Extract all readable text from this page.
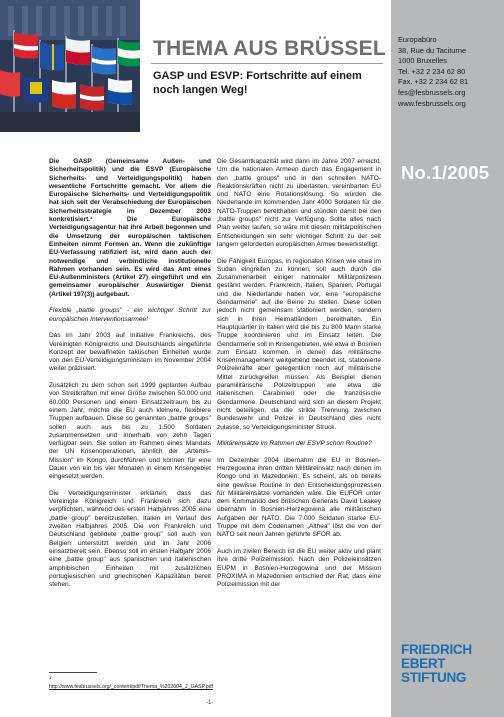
THEMA AUS BRÜSSEL
GASP und ESVP: Fortschritte auf einem noch langen Weg!
Europabüro
38, Rue du Taciturne
1000 Bruxelles
Tel. +32 2 234 62 80
Fax. +32 2 234 62 81
fes@fesbrussels.org
www.fesbrussels.org
No.1/2005
FRIEDRICH
EBERT
STIFTUNG

Die GASP (Gemeinsame Außen- und Sicherheitspolitik) und die ESVP (Europäische Sicherheits- und Verteidigungspolitik) haben wesentliche Fortschritte gemacht. Vor allem die Europäische Sicherheits- und Verteidigungspolitik hat sich seit der Verabschiedung der Europäischen Sicherheitsstrategie im Dezember 2003 konkretisiert.¹ Die Europäische Verteidigungsagentur hat ihre Arbeit begonnen und die Umsetzung der europäischen taktischen Einheiten nimmt Formen an. Wenn die zukünftige EU-Verfassung ratifiziert ist, wird dann auch der notwendige und verbindliche institutionelle Rahmen vorhanden sein. Es wird das Amt eines EU-Außenministers (Artikel 27) eingeführt und ein gemeinsamer europäischer Auswärtiger Dienst (Artikel 197(3)) aufgebaut.

Flexible „battle groups" - ein wichtiger Schritt zur europäischen Interventionsarmee!

Das im Jahr 2003 auf Initiative Frankreichs, des Vereinigten Königreichs und Deutschlands eingeführte Konzept der bewaffneten taktischen Einheiten wurde von den EU-Verteidigungsministern im November 2004 weiter präzisiert.

Zusätzlich zu dem schon seit 1999 geplanten Aufbau von Streitkräften mit einer Größe zwischen 50.000 und 60.000 Personen und einem Einsatzzeitraum bis zu einem Jahr, möchte die EU auch kleinere, flexiblere Truppen aufbauen. Diese so genannten „battle groups" sollen auch aus bis zu 1.500 Soldaten zusammensetzen und innerhalb von zehn Tagen verfügbar sein. Sie sollen im Rahmen eines Mandats der UN Krisenoperationen, ähnlich der „Artemis-Mission" im Kongo, durchführen und können für eine Dauer von ein bis vier Monaten in einem Krisengebiet eingesetzt werden.

Die Verteidigungsminister erklärten, dass das Vereinigte Königreich und Frankreich sich dazu verpflichten, während des ersten Halbjahres 2005 eine „battle group" bereitzustellen, Italien im Verlauf des zweiten Halbjahres 2005. Die von Frankreich und Deutschland gebildete „battle group" soll auch von Belgien unterstützt werden und im Jahr 2006 einsatzbereit sein. Ebenso soll im ersten Halbjahr 2006 eine „battle group" aus spanischen und italienischen amphibischen Einheiten mit zusätzlichen portugiesischen und griechischen Kapazitäten bereit stehen.

$^1$ http://www.fesbrussels.org/_content/pdf/Thema_%202004_2_GASP.pdf

Die Gesamtkapazität wird dann im Jahre 2007 erreicht. Um die nationalen Armeen durch das Engagement in den „battle groups" und in den schnellen NATO-Reaktionskräften nicht zu überlasten, vereinbarten EU und NATO eine Rotationslösung. So würden die Niederlande im kommenden Jahr 4000 Soldaten für die NATO-Truppen bereithalten und stünden damit bei den „battle groups" nicht zur Verfügung. Sollte alles nach Plan weiter laufen, so wäre mit diesen militärpolitischen Entscheidungen ein sehr wichtiger Schritt zu der seit langem geforderten europäischen Armee bewerkstelligt.

Die Fähigkeit Europas, in regionalen Krisen wie etwa im Sudan eingreifen zu können, soll auch durch die Zusammenarbeit einiger nationaler Militärpolizeien gestärkt werden. Frankreich, Italien, Spanien, Portugal und die Niederlande haben vor, eine "europäische Gendarmerie" auf die Beine zu stellen. Diese sollen jedoch nicht gemeinsam stationiert werden, sondern sich in ihren Heimatländern bereithalten. Ein Hauptquartier in Italien wird die bis zu 800 Mann starke Truppe koordinieren und im Einsatz leiten. Die Gendarmerie soll in Krisengebieten, wie etwa in Bosnien zum Einsatz kommen, in denen das militärische Krisenmanagement weitgehend beendet ist, stationierte Polizeikräfte aber gelegentlich noch auf militärische Mittel zurückgreifen müssen. Als Beispiel dienen paramilitärische Polizeitruppen wie etwa die italienischen Carabinieri oder die französische Gendarmerie. Deutschland wird sich an diesem Projekt nicht beteiligen, da die strikte Trennung zwischen Bundeswehr und Polizei in Deutschland dies nicht zulasse, so Verteidigungsminister Struck.

Militäreinsätze im Rahmen der ESVP schon Routine?

Im Dezember 2004 übernahm die EU in Bosnien-Herzegowina ihren dritten Militäreinsatz nach denen im Kongo und in Mazedonien. Es scheint, als ob bereits eine gewisse Routine in den Entscheidungsprozessen für Militäreinsätze vorhanden wäre. Die EUFOR unter dem Kommando des britischen Generals David Leakey übernahm in Bosnien-Herzegowina alle militärischen Aufgaben der NATO. Die 7.000 Soldaten starke EU-Truppe mit dem Codenamen „Althea" löst die von der NATO seit neun Jahren geführte SFOR ab.

Auch im zivilen Bereich ist die EU weiter aktiv und plant ihre dritte Polizeimission. Nach den Polizeieinsätzen EUPM in Bosnien-Herzegowina und der Mission PROXIMA in Mazedonien entschied der Rat, dass eine Polizeimission mit der

-1-
